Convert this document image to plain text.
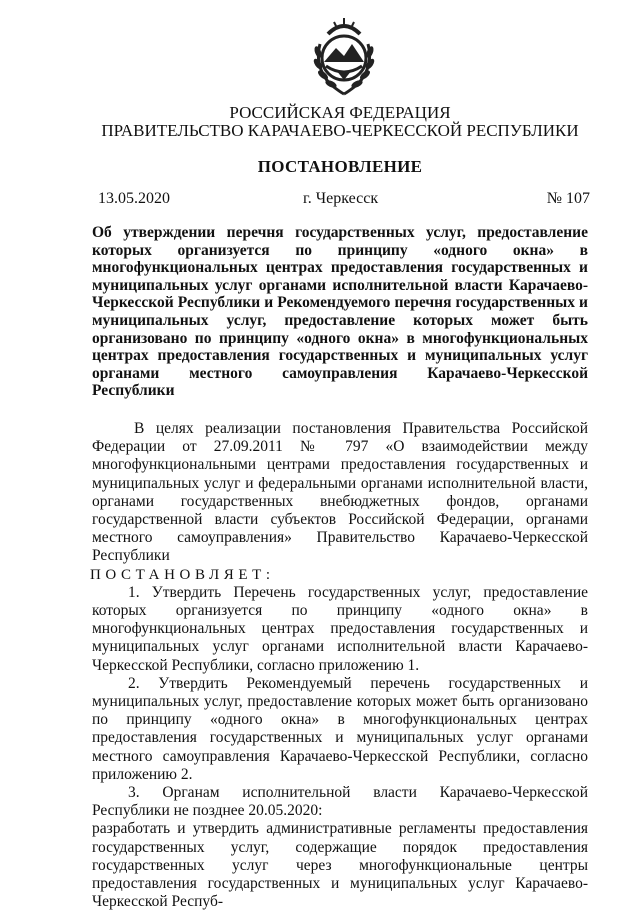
РОССИЙСКАЯ ФЕДЕРАЦИЯ
ПРАВИТЕЛЬСТВО КАРАЧАЕВО-ЧЕРКЕССКОЙ РЕСПУБЛИКИ
ПОСТАНОВЛЕНИЕ
13.05.2020	г. Черкесск	№ 107
Об утверждении перечня государственных услуг, предоставление которых организуется по принципу «одного окна» в многофункциональных центрах предоставления государственных и муниципальных услуг органами исполнительной власти Карачаево-Черкесской Республики и Рекомендуемого перечня государственных и муниципальных услуг, предоставление которых может быть организовано по принципу «одного окна» в многофункциональных центрах предоставления государственных и муниципальных услуг органами местного самоуправления Карачаево-Черкесской Республики

В целях реализации постановления Правительства Российской Федерации от 27.09.2011 № 797 «О взаимодействии между многофункциональными центрами предоставления государственных и муниципальных услуг и федеральными органами исполнительной власти, органами государственных внебюджетных фондов, органами государственной власти субъектов Российской Федерации, органами местного самоуправления» Правительство Карачаево-Черкесской Республики

ПОСТАНОВЛЯЕТ:

1. Утвердить Перечень государственных услуг, предоставление которых организуется по принципу «одного окна» в многофункциональных центрах предоставления государственных и муниципальных услуг органами исполнительной власти Карачаево-Черкесской Республики, согласно приложению 1.

2. Утвердить Рекомендуемый перечень государственных и муниципальных услуг, предоставление которых может быть организовано по принципу «одного окна» в многофункциональных центрах предоставления государственных и муниципальных услуг органами местного самоуправления Карачаево-Черкесской Республики, согласно приложению 2.

3. Органам исполнительной власти Карачаево-Черкесской Республики не позднее 20.05.2020:

разработать и утвердить административные регламенты предоставления государственных услуг, содержащие порядок предоставления государственных услуг через многофункциональные центры предоставления государственных и муниципальных услуг Карачаево-Черкесской Респуб-
